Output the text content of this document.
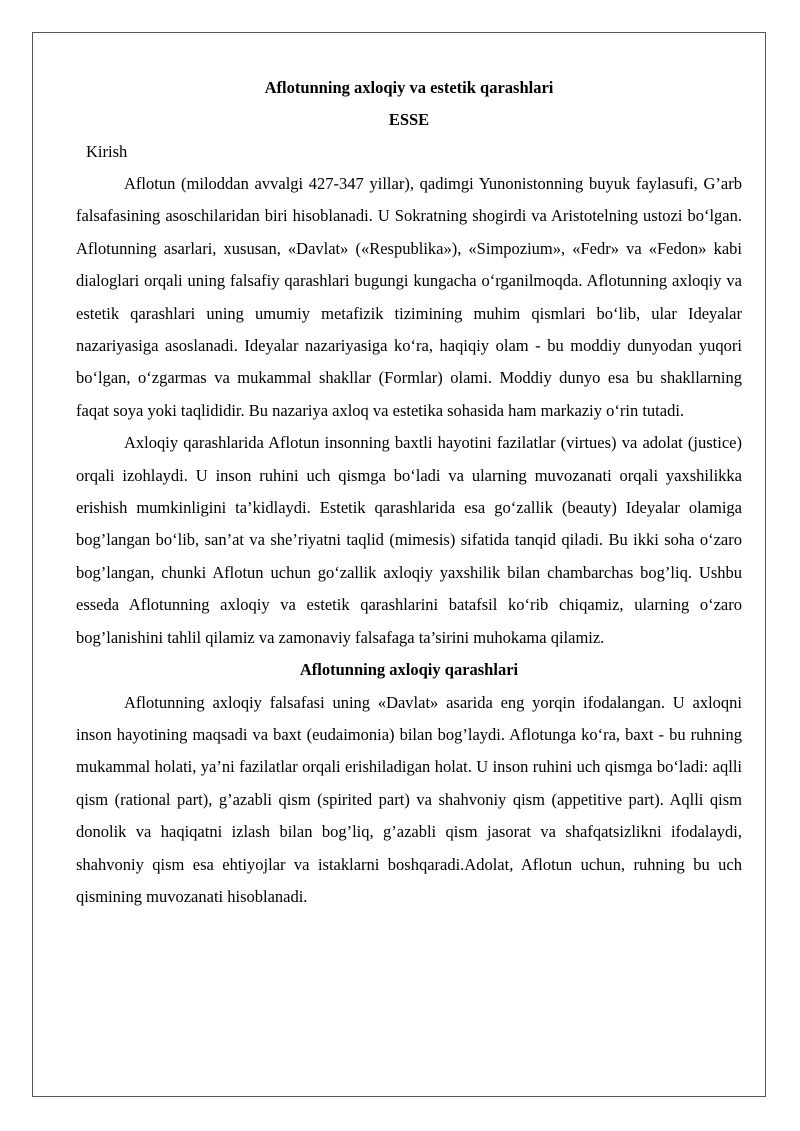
Aflotunning axloqiy va estetik qarashlari

ESSE

Kirish

Aflotun (miloddan avvalgi 427-347 yillar), qadimgi Yunonistonning buyuk faylasufi, G’arb falsafasining asoschilaridan biri hisoblanadi. U Sokratning shogirdi va Aristotelning ustozi bo‘lgan. Aflotunning asarlari, xususan, «Davlat» («Respublika»), «Simpozium», «Fedr» va «Fedon» kabi dialoglari orqali uning falsafiy qarashlari bugungi kungacha o‘rganilmoqda. Aflotunning axloqiy va estetik qarashlari uning umumiy metafizik tizimining muhim qismlari bo‘lib, ular Ideyalar nazariyasiga asoslanadi. Ideyalar nazariyasiga ko‘ra, haqiqiy olam - bu moddiy dunyodan yuqori bo‘lgan, o‘zgarmas va mukammal shakllar (Formlar) olami. Moddiy dunyo esa bu shakllarning faqat soya yoki taqlididir. Bu nazariya axloq va estetika sohasida ham markaziy o‘rin tutadi.

Axloqiy qarashlarida Aflotun insonning baxtli hayotini fazilatlar (virtues) va adolat (justice) orqali izohlaydi. U inson ruhini uch qismga bo‘ladi va ularning muvozanati orqali yaxshilikka erishish mumkinligini ta’kidlaydi. Estetik qarashlarida esa go‘zallik (beauty) Ideyalar olamiga bog’langan bo‘lib, san’at va she’riyatni taqlid (mimesis) sifatida tanqid qiladi. Bu ikki soha o‘zaro bog’langan, chunki Aflotun uchun go‘zallik axloqiy yaxshilik bilan chambarchas bog’liq. Ushbu esseda Aflotunning axloqiy va estetik qarashlarini batafsil ko‘rib chiqamiz, ularning o‘zaro bog’lanishini tahlil qilamiz va zamonaviy falsafaga ta’sirini muhokama qilamiz.

Aflotunning axloqiy qarashlari

Aflotunning axloqiy falsafasi uning «Davlat» asarida eng yorqin ifodalangan. U axloqni inson hayotining maqsadi va baxt (eudaimonia) bilan bog’laydi. Aflotunga ko‘ra, baxt - bu ruhning mukammal holati, ya’ni fazilatlar orqali erishiladigan holat. U inson ruhini uch qismga bo‘ladi: aqlli qism (rational part), g’azabli qism (spirited part) va shahvoniy qism (appetitive part). Aqlli qism donolik va haqiqatni izlash bilan bog’liq, g’azabli qism jasorat va shafqatsizlikni ifodalaydi, shahvoniy qism esa ehtiyojlar va istaklarni boshqaradi.Adolat, Aflotun uchun, ruhning bu uch qismining muvozanati hisoblanadi.
